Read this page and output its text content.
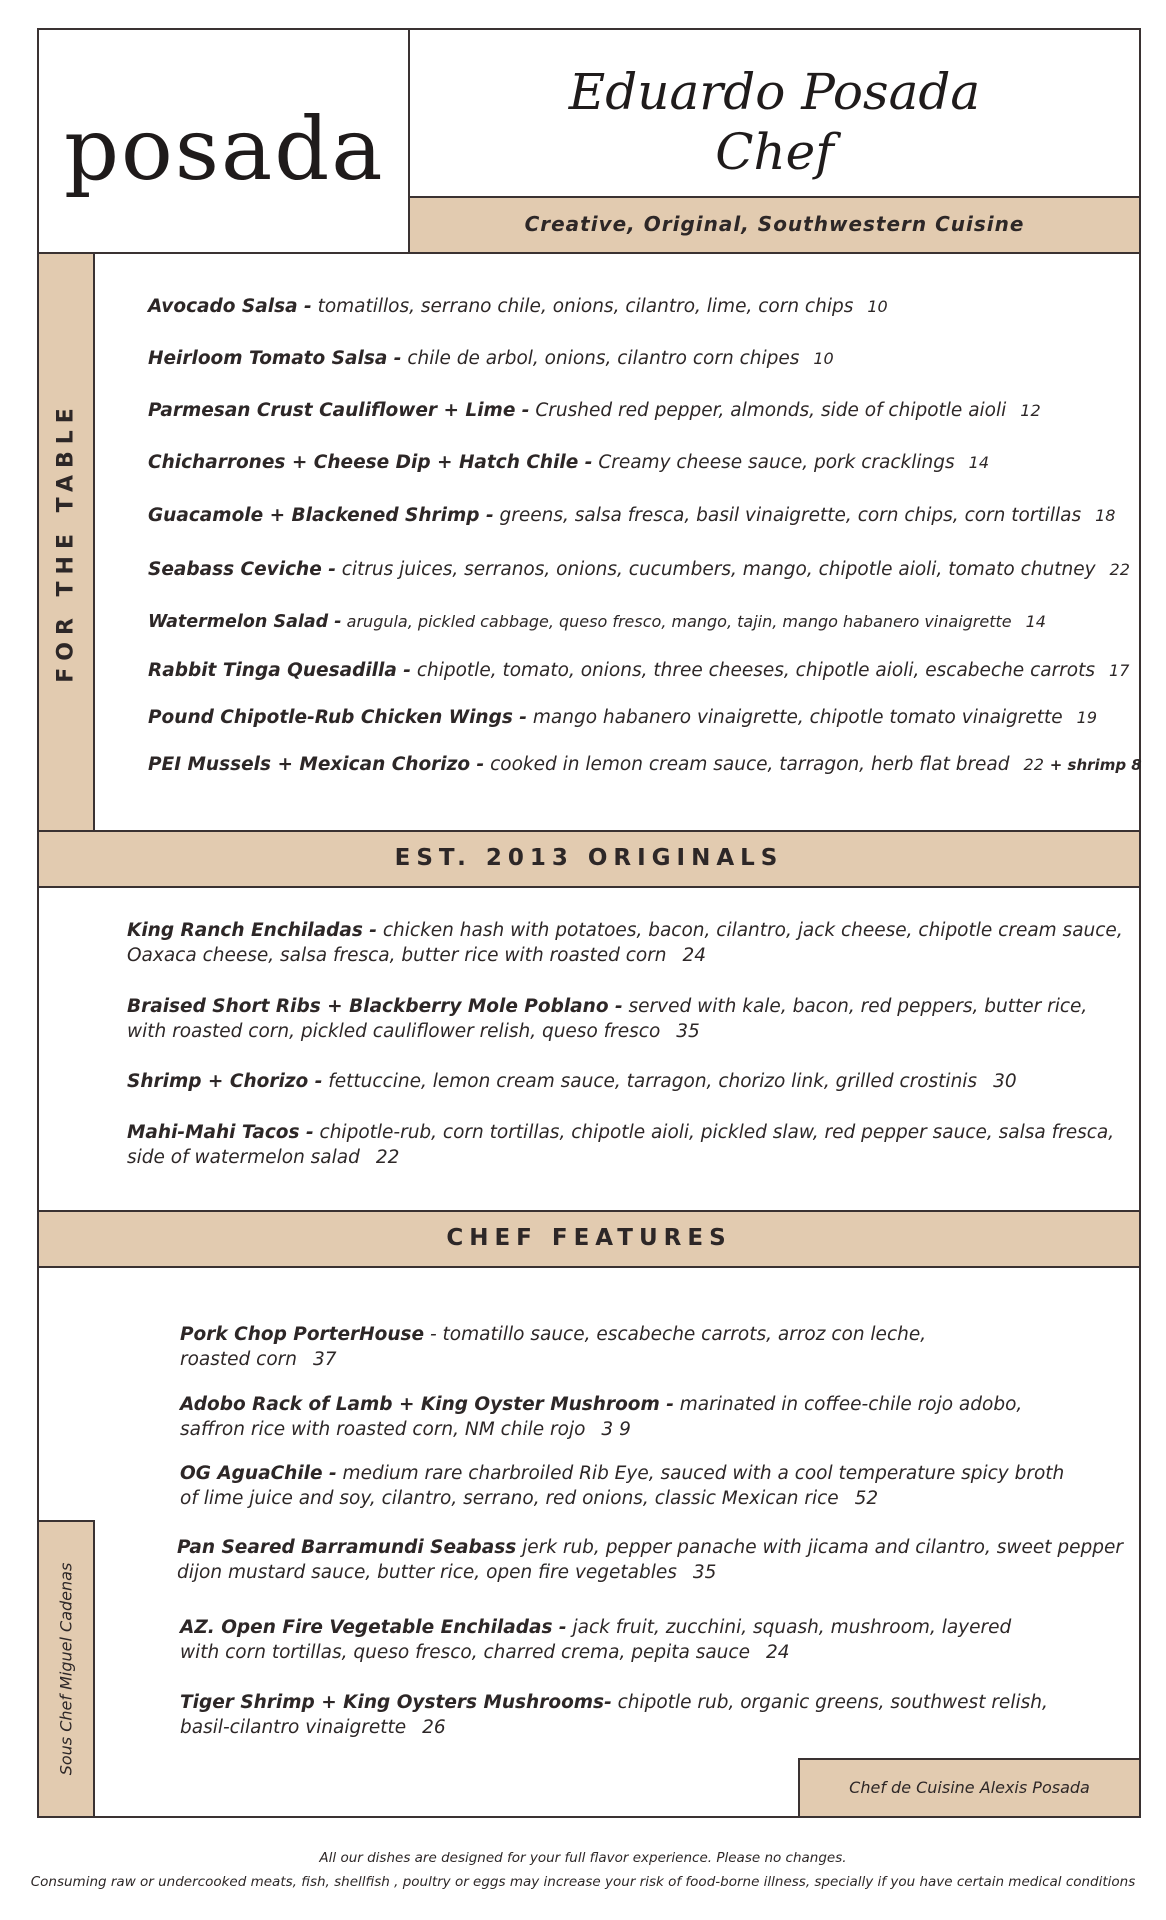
posada
Eduardo Posada
Chef
Creative, Original, Southwestern Cuisine
FOR THE TABLE
Avocado Salsa - tomatillos, serrano chile, onions, cilantro, lime, corn chips 10
Heirloom Tomato Salsa - chile de arbol, onions, cilantro corn chipes 10
Parmesan Crust Cauliflower + Lime - Crushed red pepper, almonds, side of chipotle aioli 12
Chicharrones + Cheese Dip + Hatch Chile - Creamy cheese sauce, pork cracklings 14
Guacamole + Blackened Shrimp - greens, salsa fresca, basil vinaigrette, corn chips, corn tortillas 18
Seabass Ceviche - citrus juices, serranos, onions, cucumbers, mango, chipotle aioli, tomato chutney 22
Watermelon Salad - arugula, pickled cabbage, queso fresco, mango, tajin, mango habanero vinaigrette 14
Rabbit Tinga Quesadilla - chipotle, tomato, onions, three cheeses, chipotle aioli, escabeche carrots 17
Pound Chipotle-Rub Chicken Wings - mango habanero vinaigrette, chipotle tomato vinaigrette 19
PEI Mussels + Mexican Chorizo - cooked in lemon cream sauce, tarragon, herb flat bread 22 + shrimp 8
EST. 2013 ORIGINALS
King Ranch Enchiladas - chicken hash with potatoes, bacon, cilantro, jack cheese, chipotle cream sauce,
Oaxaca cheese, salsa fresca, butter rice with roasted corn 24
Braised Short Ribs + Blackberry Mole Poblano - served with kale, bacon, red peppers, butter rice,
with roasted corn, pickled cauliflower relish, queso fresco 35
Shrimp + Chorizo - fettuccine, lemon cream sauce, tarragon, chorizo link, grilled crostinis 30
Mahi-Mahi Tacos - chipotle-rub, corn tortillas, chipotle aioli, pickled slaw, red pepper sauce, salsa fresca,
side of watermelon salad 22
CHEF FEATURES
Pork Chop PorterHouse - tomatillo sauce, escabeche carrots, arroz con leche,
roasted corn 37
Adobo Rack of Lamb + King Oyster Mushroom - marinated in coffee-chile rojo adobo,
saffron rice with roasted corn, NM chile rojo 3 9
OG AguaChile - medium rare charbroiled Rib Eye, sauced with a cool temperature spicy broth
of lime juice and soy, cilantro, serrano, red onions, classic Mexican rice 52
Pan Seared Barramundi Seabass jerk rub, pepper panache with jicama and cilantro, sweet pepper
dijon mustard sauce, butter rice, open fire vegetables 35
AZ. Open Fire Vegetable Enchiladas - jack fruit, zucchini, squash, mushroom, layered
with corn tortillas, queso fresco, charred crema, pepita sauce 24
Tiger Shrimp + King Oysters Mushrooms- chipotle rub, organic greens, southwest relish,
basil-cilantro vinaigrette 26
Sous Chef Miguel Cadenas
Chef de Cuisine Alexis Posada
All our dishes are designed for your full flavor experience. Please no changes.
Consuming raw or undercooked meats, fish, shellfish , poultry or eggs may increase your risk of food-borne illness, specially if you have certain medical conditions
